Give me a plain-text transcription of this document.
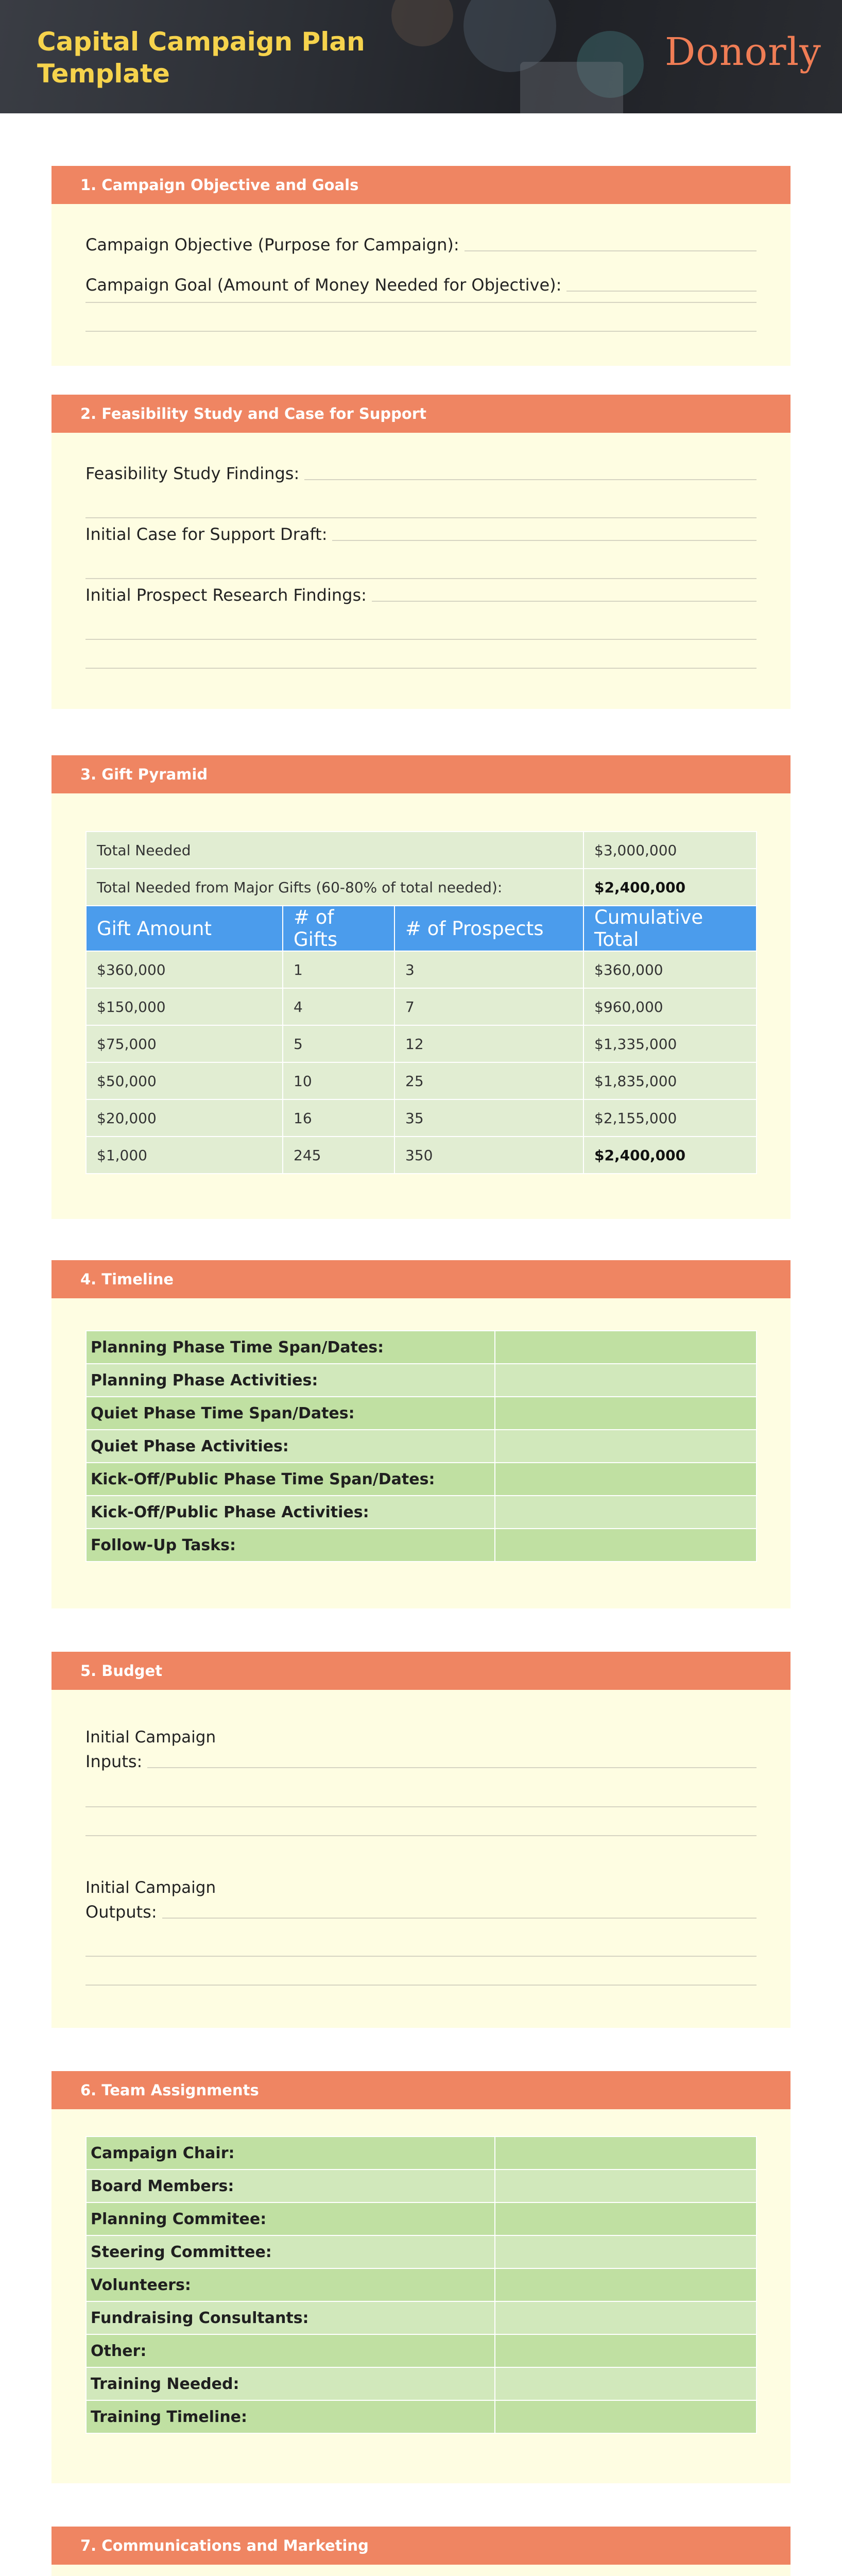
Capital Campaign Plan Template	Donorly
1. Campaign Objective and Goals
Campaign Objective (Purpose for Campaign):
Campaign Goal (Amount of Money Needed for Objective):
2. Feasibility Study and Case for Support
Feasibility Study Findings:
Initial Case for Support Draft:
Initial Prospect Research Findings:
3. Gift Pyramid
Total Needed			$3,000,000
Total Needed from Major Gifts (60-80% of total needed):			$2,400,000
Gift Amount	# of Gifts	# of Prospects	Cumulative Total
$360,000	1	3	$360,000
$150,000	4	7	$960,000
$75,000	5	12	$1,335,000
$50,000	10	25	$1,835,000
$20,000	16	35	$2,155,000
$1,000	245	350	$2,400,000
4. Timeline
Planning Phase Time Span/Dates:	
Planning Phase Activities:	
Quiet Phase Time Span/Dates:	
Quiet Phase Activities:	
Kick-Off/Public Phase Time Span/Dates:	
Kick-Off/Public Phase Activities:	
Follow-Up Tasks:	
5. Budget
Initial Campaign
Inputs:
Initial Campaign
Outputs:
6. Team Assignments
Campaign Chair:	
Board Members:	
Planning Commitee:	
Steering Committee:	
Volunteers:	
Fundraising Consultants:	
Other:	
Training Needed:	
Training Timeline:	
7. Communications and Marketing
